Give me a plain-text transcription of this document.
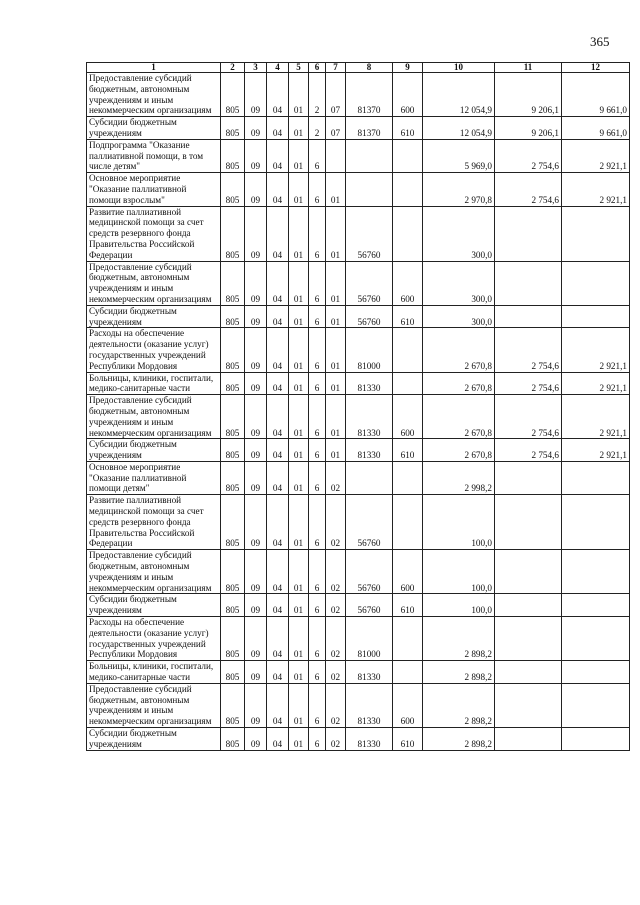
365
1	2	3	4	5	6	7	8	9	10	11	12
Предоставление субсидий бюджетным, автономным учреждениям и иным некоммерческим организациям	805	09	04	01	2	07	81370	600	12 054,9	9 206,1	9 661,0
Субсидии бюджетным учреждениям	805	09	04	01	2	07	81370	610	12 054,9	9 206,1	9 661,0
Подпрограмма "Оказание паллиативной помощи, в том числе детям"	805	09	04	01	6				5 969,0	2 754,6	2 921,1
Основное мероприятие "Оказание паллиативной помощи взрослым"	805	09	04	01	6	01			2 970,8	2 754,6	2 921,1
Развитие паллиативной медицинской помощи за счет средств резервного фонда Правительства Российской Федерации	805	09	04	01	6	01	56760		300,0		
Предоставление субсидий бюджетным, автономным учреждениям и иным некоммерческим организациям	805	09	04	01	6	01	56760	600	300,0		
Субсидии бюджетным учреждениям	805	09	04	01	6	01	56760	610	300,0		
Расходы на обеспечение деятельности (оказание услуг) государственных учреждений Республики Мордовия	805	09	04	01	6	01	81000		2 670,8	2 754,6	2 921,1
Больницы, клиники, госпитали, медико-санитарные части	805	09	04	01	6	01	81330		2 670,8	2 754,6	2 921,1
Предоставление субсидий бюджетным, автономным учреждениям и иным некоммерческим организациям	805	09	04	01	6	01	81330	600	2 670,8	2 754,6	2 921,1
Субсидии бюджетным учреждениям	805	09	04	01	6	01	81330	610	2 670,8	2 754,6	2 921,1
Основное мероприятие "Оказание паллиативной помощи детям"	805	09	04	01	6	02			2 998,2		
Развитие паллиативной медицинской помощи за счет средств резервного фонда Правительства Российской Федерации	805	09	04	01	6	02	56760		100,0		
Предоставление субсидий бюджетным, автономным учреждениям и иным некоммерческим организациям	805	09	04	01	6	02	56760	600	100,0		
Субсидии бюджетным учреждениям	805	09	04	01	6	02	56760	610	100,0		
Расходы на обеспечение деятельности (оказание услуг) государственных учреждений Республики Мордовия	805	09	04	01	6	02	81000		2 898,2		
Больницы, клиники, госпитали, медико-санитарные части	805	09	04	01	6	02	81330		2 898,2		
Предоставление субсидий бюджетным, автономным учреждениям и иным некоммерческим организациям	805	09	04	01	6	02	81330	600	2 898,2		
Субсидии бюджетным учреждениям	805	09	04	01	6	02	81330	610	2 898,2		
